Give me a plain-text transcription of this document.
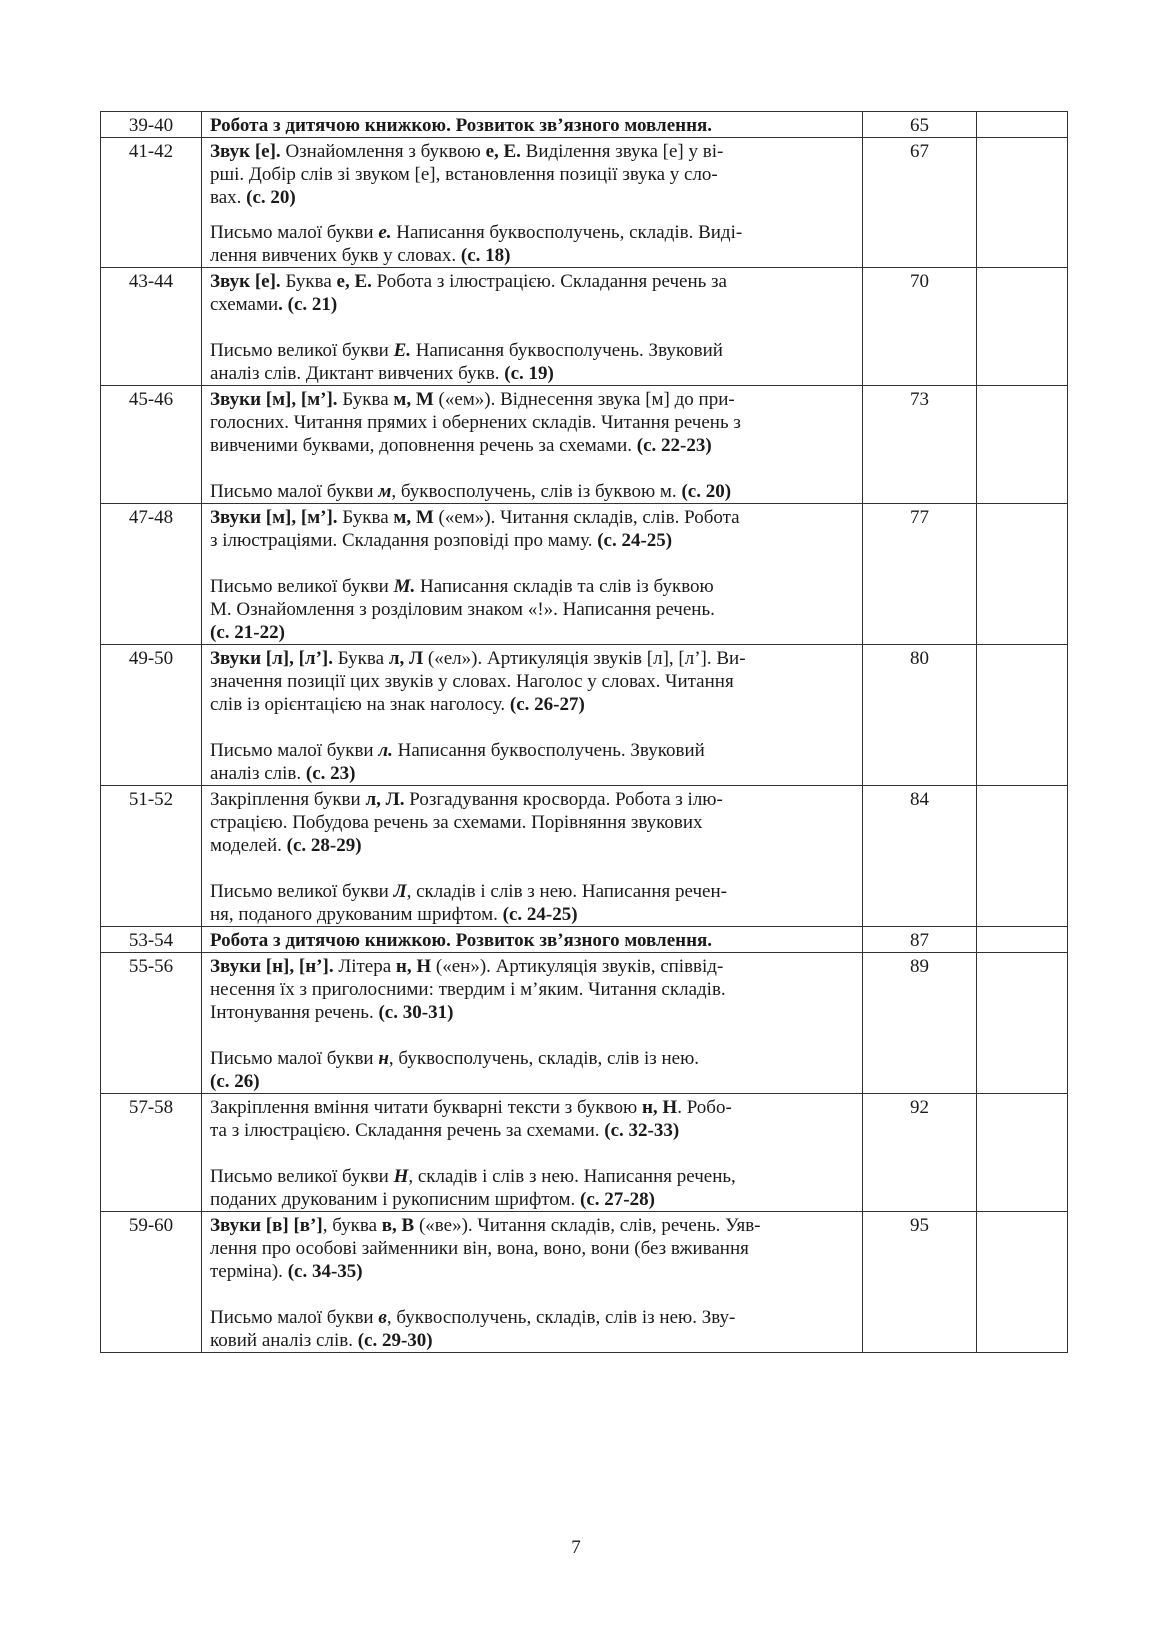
39-40	Робота з дитячою книжкою. Розвиток зв’язного мовлення.	65	
41-42	Звук [е]. Ознайомлення з буквою е, Е. Виділення звука [е] у ві-
рші. Добір слів зі звуком [е], встановлення позиції звука у сло-
вах. (с. 20)

Письмо малої букви е. Написання буквосполучень, складів. Виді-
лення вивчених букв у словах. (с. 18)	67	
43-44	Звук [е]. Буква е, Е. Робота з ілюстрацією. Складання речень за
схемами. (с. 21)

Письмо великої букви Е. Написання буквосполучень. Звуковий
аналіз слів. Диктант вивчених букв. (с. 19)	70	
45-46	Звуки [м], [м’]. Буква м, М («ем»). Віднесення звука [м] до при-
голосних. Читання прямих і обернених складів. Читання речень з
вивченими буквами, доповнення речень за схемами. (с. 22-23)

Письмо малої букви м, буквосполучень, слів із буквою м. (с. 20)	73	
47-48	Звуки [м], [м’]. Буква м, М («ем»). Читання складів, слів. Робота
з ілюстраціями. Складання розповіді про маму. (с. 24-25)

Письмо великої букви М. Написання складів та слів із буквою
М. Ознайомлення з розділовим знаком «!». Написання речень.
(с. 21-22)	77	
49-50	Звуки [л], [л’]. Буква л, Л («ел»). Артикуляція звуків [л], [л’]. Ви-
значення позиції цих звуків у словах. Наголос у словах. Читання
слів із орієнтацією на знак наголосу. (с. 26-27)

Письмо малої букви л. Написання буквосполучень. Звуковий
аналіз слів. (с. 23)	80	
51-52	Закріплення букви л, Л. Розгадування кросворда. Робота з ілю-
страцією. Побудова речень за схемами. Порівняння звукових
моделей. (с. 28-29)

Письмо великої букви Л, складів і слів з нею. Написання речен-
ня, поданого друкованим шрифтом. (с. 24-25)	84	
53-54	Робота з дитячою книжкою. Розвиток зв’язного мовлення.	87	
55-56	Звуки [н], [н’]. Літера н, Н («ен»). Артикуляція звуків, співвід-
несення їх з приголосними: твердим і м’яким. Читання складів.
Інтонування речень. (с. 30-31)

Письмо малої букви н, буквосполучень, складів, слів із нею.
(с. 26)	89	
57-58	Закріплення вміння читати букварні тексти з буквою н, Н. Робо-
та з ілюстрацією. Складання речень за схемами. (с. 32-33)

Письмо великої букви Н, складів і слів з нею. Написання речень,
поданих друкованим і рукописним шрифтом. (с. 27-28)	92	
59-60	Звуки [в] [в’], буква в, В («ве»). Читання складів, слів, речень. Уяв-
лення про особові займенники він, вона, воно, вони (без вживання
терміна). (с. 34-35)

Письмо малої букви в, буквосполучень, складів, слів із нею. Зву-
ковий аналіз слів. (с. 29-30)	95	
7
